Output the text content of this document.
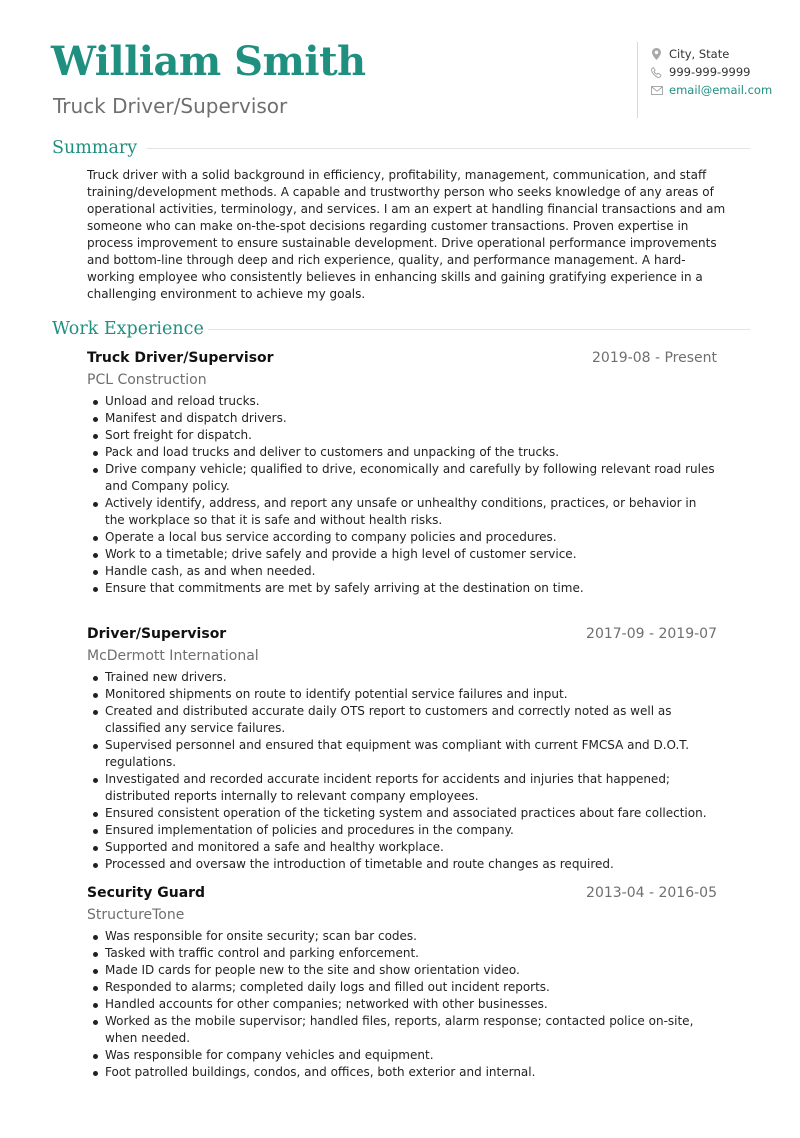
William Smith
Truck Driver/Supervisor
City, State
999-999-9999
email@email.com
Summary

Truck driver with a solid background in efficiency, profitability, management, communication, and staff training/development methods. A capable and trustworthy person who seeks knowledge of any areas of operational activities, terminology, and services. I am an expert at handling financial transactions and am someone who can make on-the-spot decisions regarding customer transactions. Proven expertise in process improvement to ensure sustainable development. Drive operational performance improvements and bottom-line through deep and rich experience, quality, and performance management. A hard-working employee who consistently believes in enhancing skills and gaining gratifying experience in a challenging environment to achieve my goals.

Work Experience
Truck Driver/Supervisor	2019-08 - Present
PCL Construction
Unload and reload trucks.
Manifest and dispatch drivers.
Sort freight for dispatch.
Pack and load trucks and deliver to customers and unpacking of the trucks.
Drive company vehicle; qualified to drive, economically and carefully by following relevant road rules and Company policy.
Actively identify, address, and report any unsafe or unhealthy conditions, practices, or behavior in the workplace so that it is safe and without health risks.
Operate a local bus service according to company policies and procedures.
Work to a timetable; drive safely and provide a high level of customer service.
Handle cash, as and when needed.
Ensure that commitments are met by safely arriving at the destination on time.
Driver/Supervisor	2017-09 - 2019-07
McDermott International
Trained new drivers.
Monitored shipments on route to identify potential service failures and input.
Created and distributed accurate daily OTS report to customers and correctly noted as well as classified any service failures.
Supervised personnel and ensured that equipment was compliant with current FMCSA and D.O.T. regulations.
Investigated and recorded accurate incident reports for accidents and injuries that happened; distributed reports internally to relevant company employees.
Ensured consistent operation of the ticketing system and associated practices about fare collection.
Ensured implementation of policies and procedures in the company.
Supported and monitored a safe and healthy workplace.
Processed and oversaw the introduction of timetable and route changes as required.
Security Guard	2013-04 - 2016-05
StructureTone
Was responsible for onsite security; scan bar codes.
Tasked with traffic control and parking enforcement.
Made ID cards for people new to the site and show orientation video.
Responded to alarms; completed daily logs and filled out incident reports.
Handled accounts for other companies; networked with other businesses.
Worked as the mobile supervisor; handled files, reports, alarm response; contacted police on-site, when needed.
Was responsible for company vehicles and equipment.
Foot patrolled buildings, condos, and offices, both exterior and internal.
